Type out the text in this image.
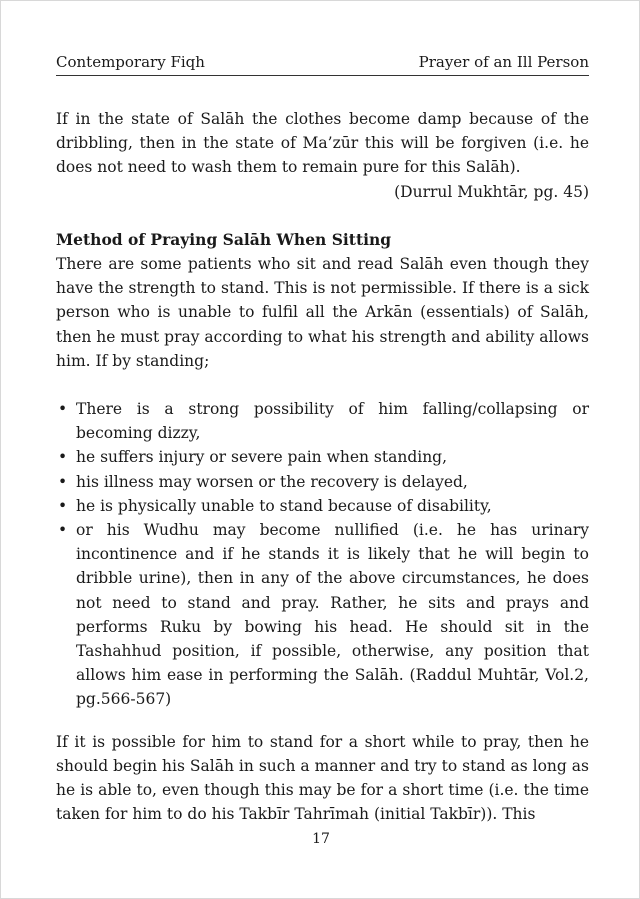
Contemporary Fiqh	Prayer of an Ill Person

If in the state of Salāh the clothes become damp because of the dribbling, then in the state of Ma’zūr this will be forgiven (i.e. he does not need to wash them to remain pure for this Salāh).

(Durrul Mukhtār, pg. 45)

Method of Praying Salāh When Sitting

There are some patients who sit and read Salāh even though they have the strength to stand. This is not permissible. If there is a sick person who is unable to fulfil all the Arkān (essentials) of Salāh, then he must pray according to what his strength and ability allows him. If by standing;

• There is a strong possibility of him falling/collapsing or becoming dizzy,
• he suffers injury or severe pain when standing,
• his illness may worsen or the recovery is delayed,
• he is physically unable to stand because of disability,
• or his Wudhu may become nullified (i.e. he has urinary incontinence and if he stands it is likely that he will begin to dribble urine), then in any of the above circumstances, he does not need to stand and pray. Rather, he sits and prays and performs Ruku by bowing his head. He should sit in the Tashahhud position, if possible, otherwise, any position that allows him ease in performing the Salāh. (Raddul Muhtār, Vol.2, pg.566-567)

If it is possible for him to stand for a short while to pray, then he should begin his Salāh in such a manner and try to stand as long as he is able to, even though this may be for a short time (i.e. the time taken for him to do his Takbīr Tahrīmah (initial Takbīr)). This

17
